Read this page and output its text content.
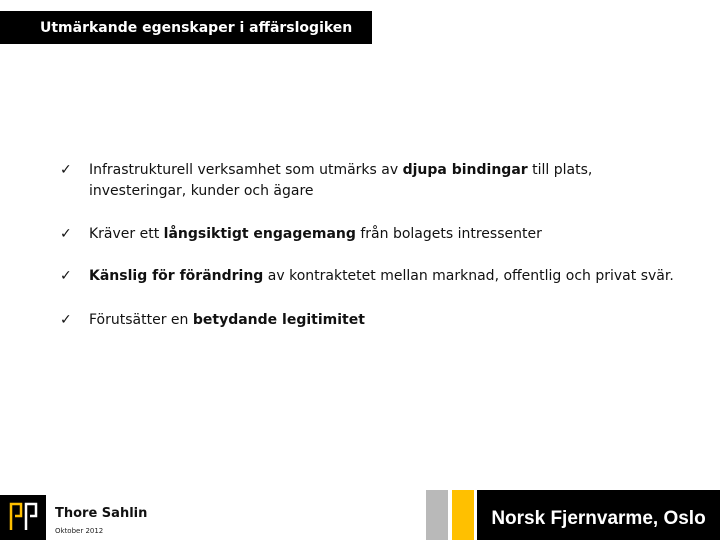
Utmärkande egenskaper i affärslogiken
✓	Infrastrukturell verksamhet som utmärks av djupa bindingar till plats, investeringar, kunder och ägare
✓	Kräver ett långsiktigt engagemang från bolagets intressenter
✓	Känslig för förändring av kontraktetet mellan marknad, offentlig och privat svär.
✓	Förutsätter en betydande legitimitet
Thore Sahlin
Oktober 2012
Norsk Fjernvarme, Oslo
